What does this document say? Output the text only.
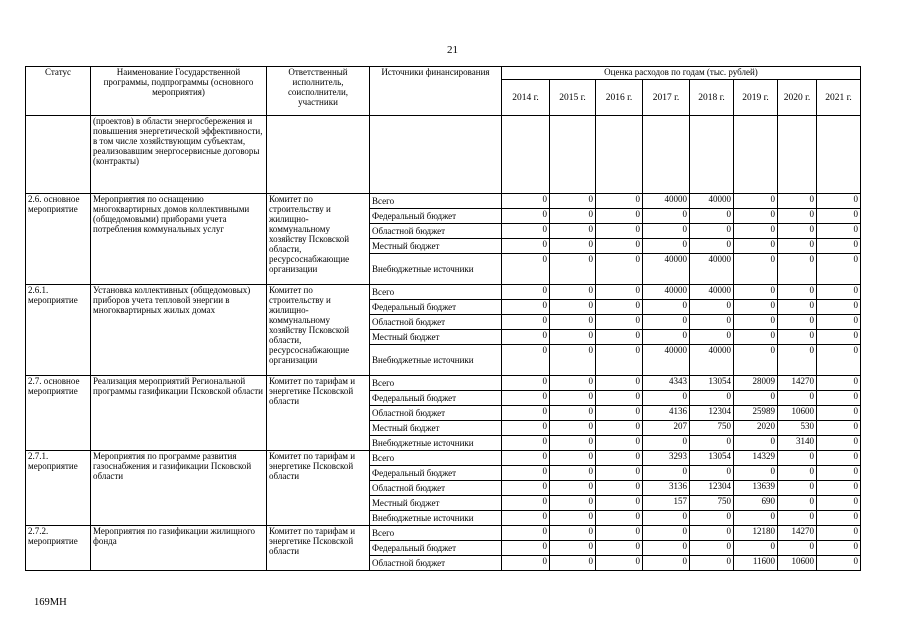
21
Статус	Наименование Государственной программы, подпрограммы (основного мероприятия)	Ответственный исполнитель, соисполнители, участники	Источники финансирования	Оценка расходов по годам (тыс. рублей)							
				2014 г.	2015 г.	2016 г.	2017 г.	2018 г.	2019 г.	2020 г.	2021 г.
	(проектов) в области энергосбережения и повышения энергетической эффективности, в том числе хозяйствующим субъектам, реализовавшим энергосервисные договоры (контракты)										
2.6. основное мероприятие	Мероприятия по оснащению многоквартирных домов коллективными (общедомовыми) приборами учета потребления коммунальных услуг	Комитет по строительству и жилищно-коммунальному хозяйству Псковской области, ресурсоснабжающие организации	Всего	0	0	0	40000	40000	0	0	0
			Федеральный бюджет	0	0	0	0	0	0	0	0
			Областной бюджет	0	0	0	0	0	0	0	0
			Местный бюджет	0	0	0	0	0	0	0	0
			Внебюджетные источники	0	0	0	40000	40000	0	0	0
2.6.1. мероприятие	Установка коллективных (общедомовых) приборов учета тепловой энергии в многоквартирных жилых домах	Комитет по строительству и жилищно-коммунальному хозяйству Псковской области, ресурсоснабжающие организации	Всего	0	0	0	40000	40000	0	0	0
			Федеральный бюджет	0	0	0	0	0	0	0	0
			Областной бюджет	0	0	0	0	0	0	0	0
			Местный бюджет	0	0	0	0	0	0	0	0
			Внебюджетные источники	0	0	0	40000	40000	0	0	0
2.7. основное мероприятие	Реализация мероприятий Региональной программы газификации Псковской области	Комитет по тарифам и энергетике Псковской области	Всего	0	0	0	4343	13054	28009	14270	0
			Федеральный бюджет	0	0	0	0	0	0	0	0
			Областной бюджет	0	0	0	4136	12304	25989	10600	0
			Местный бюджет	0	0	0	207	750	2020	530	0
			Внебюджетные источники	0	0	0	0	0	0	3140	0
2.7.1. мероприятие	Мероприятия по программе развития газоснабжения и газификации Псковской области	Комитет по тарифам и энергетике Псковской области	Всего	0	0	0	3293	13054	14329	0	0
			Федеральный бюджет	0	0	0	0	0	0	0	0
			Областной бюджет	0	0	0	3136	12304	13639	0	0
			Местный бюджет	0	0	0	157	750	690	0	0
			Внебюджетные источники	0	0	0	0	0	0	0	0
2.7.2. мероприятие	Мероприятия по газификации жилищного фонда	Комитет по тарифам и энергетике Псковской области	Всего	0	0	0	0	0	12180	14270	0
			Федеральный бюджет	0	0	0	0	0	0	0	0
			Областной бюджет	0	0	0	0	0	11600	10600	0
169МН
